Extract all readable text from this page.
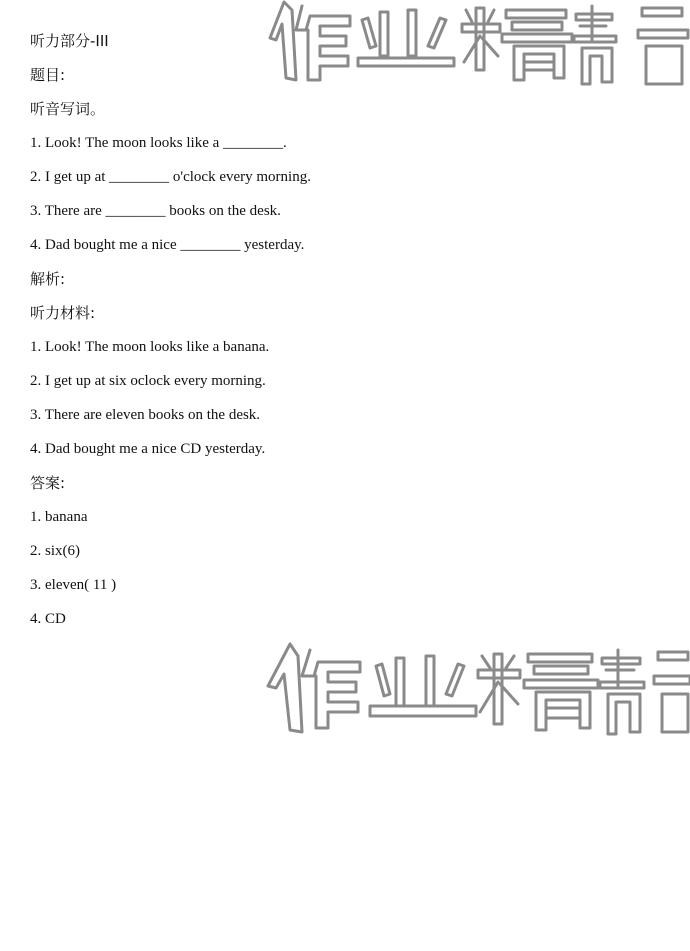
听力部分-III
题目:
听音写词。
1. Look! The moon looks like a ________.
2. I get up at ________ o'clock every morning.
3. There are ________ books on the desk.
4. Dad bought me a nice ________ yesterday.
解析:
听力材料:
1. Look! The moon looks like a banana.
2. I get up at six oclock every morning.
3. There are eleven books on the desk.
4. Dad bought me a nice CD yesterday.
答案:
1. banana
2. six(6)
3. eleven( 11 )
4. CD
